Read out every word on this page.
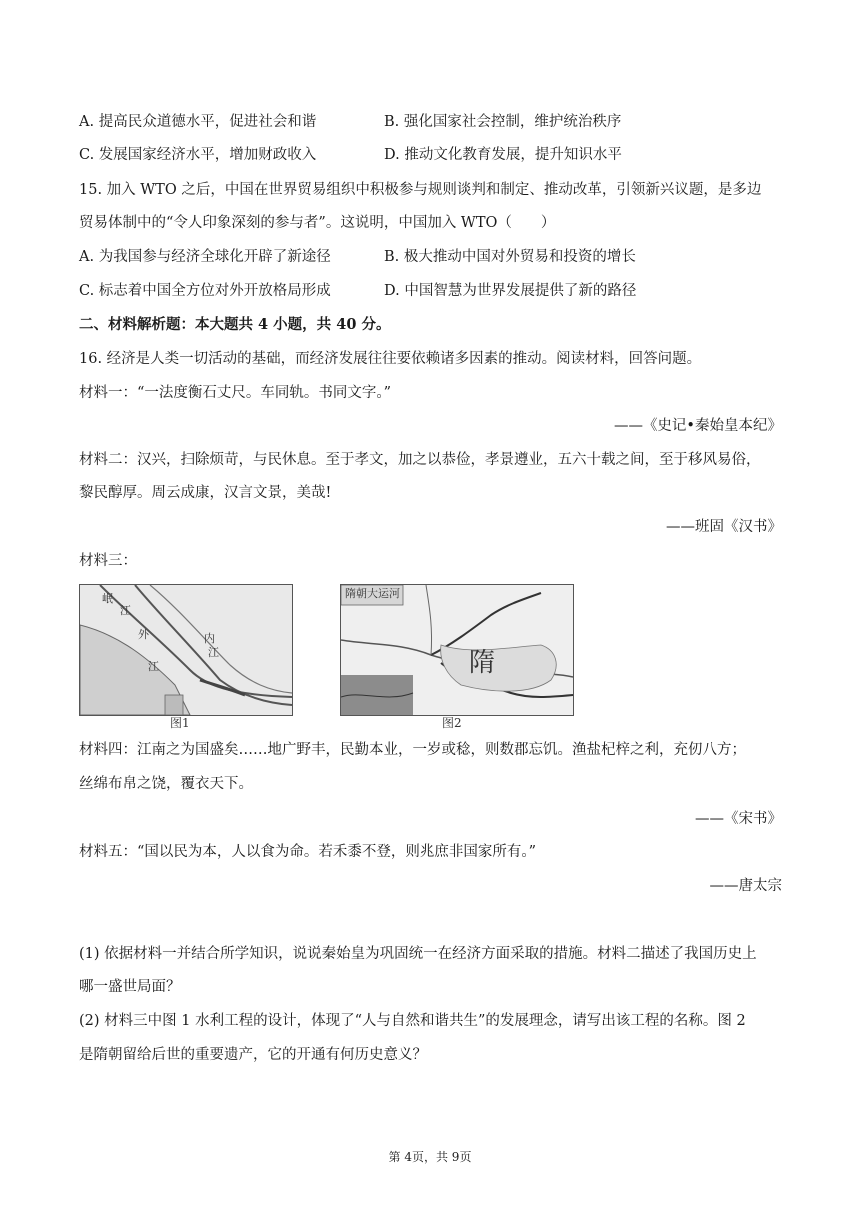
A. 提高民众道德水平，促进社会和谐	B. 强化国家社会控制，维护统治秩序
C. 发展国家经济水平，增加财政收入	D. 推动文化教育发展，提升知识水平
15. 加入 WTO 之后，中国在世界贸易组织中积极参与规则谈判和制定、推动改革，引领新兴议题，是多边
贸易体制中的“令人印象深刻的参与者”。这说明，中国加入 WTO（　　）
A. 为我国参与经济全球化开辟了新途径	B. 极大推动中国对外贸易和投资的增长
C. 标志着中国全方位对外开放格局形成	D. 中国智慧为世界发展提供了新的路径
二、材料解析题：本大题共 4 小题，共 40 分。
16. 经济是人类一切活动的基础，而经济发展往往要依赖诸多因素的推动。阅读材料，回答问题。
材料一：“一法度衡石丈尺。车同轨。书同文字。”
——《史记•秦始皇本纪》
材料二：汉兴，扫除烦苛，与民休息。至于孝文，加之以恭俭，孝景遵业，五六十载之间，至于移风易俗，
黎民醇厚。周云成康，汉言文景，美哉!
——班固《汉书》
材料三：
岷
江
外	内
江
江
图1
隋朝大运河
隋
图2
材料四：江南之为国盛矣……地广野丰，民勤本业，一岁或稔，则数郡忘饥。渔盐杞梓之利，充仞八方；
丝绵布帛之饶，覆衣天下。
——《宋书》
材料五：“国以民为本，人以食为命。若禾黍不登，则兆庶非国家所有。”
——唐太宗
(1) 依据材料一并结合所学知识，说说秦始皇为巩固统一在经济方面采取的措施。材料二描述了我国历史上
哪一盛世局面？
(2) 材料三中图 1 水利工程的设计，体现了“人与自然和谐共生”的发展理念，请写出该工程的名称。图 2
是隋朝留给后世的重要遗产，它的开通有何历史意义？
第 4页，共 9页
